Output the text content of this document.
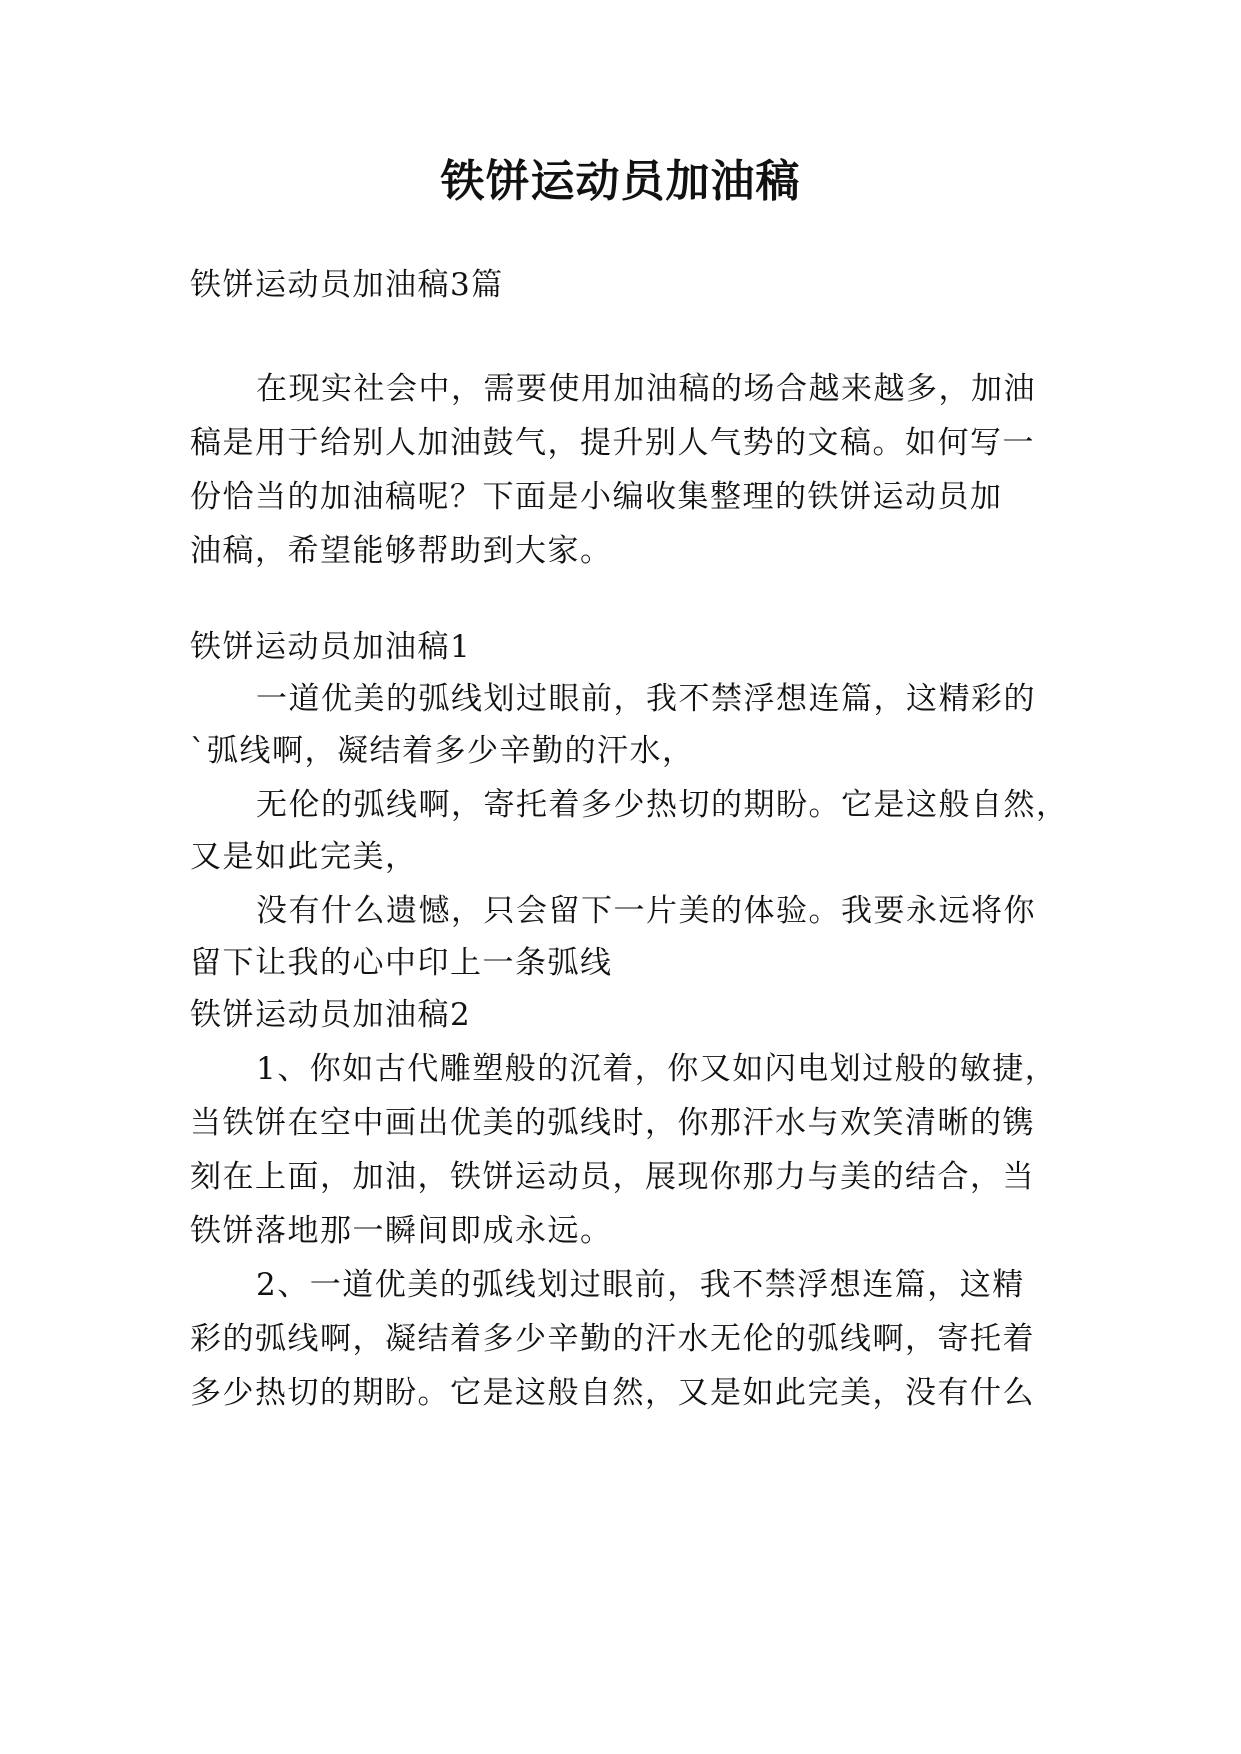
铁饼运动员加油稿
铁饼运动员加油稿3篇
在现实社会中，需要使用加油稿的场合越来越多，加油
稿是用于给别人加油鼓气，提升别人气势的文稿。如何写一
份恰当的加油稿呢？下面是小编收集整理的铁饼运动员加
油稿，希望能够帮助到大家。
铁饼运动员加油稿1
一道优美的弧线划过眼前，我不禁浮想连篇，这精彩的
`弧线啊，凝结着多少辛勤的汗水，
无伦的弧线啊，寄托着多少热切的期盼。它是这般自然，
又是如此完美，
没有什么遗憾，只会留下一片美的体验。我要永远将你
留下让我的心中印上一条弧线
铁饼运动员加油稿2
1、你如古代雕塑般的沉着，你又如闪电划过般的敏捷，
当铁饼在空中画出优美的弧线时，你那汗水与欢笑清晰的镌
刻在上面，加油，铁饼运动员，展现你那力与美的结合，当
铁饼落地那一瞬间即成永远。
2、一道优美的弧线划过眼前，我不禁浮想连篇，这精
彩的弧线啊，凝结着多少辛勤的汗水无伦的弧线啊，寄托着
多少热切的期盼。它是这般自然，又是如此完美，没有什么
